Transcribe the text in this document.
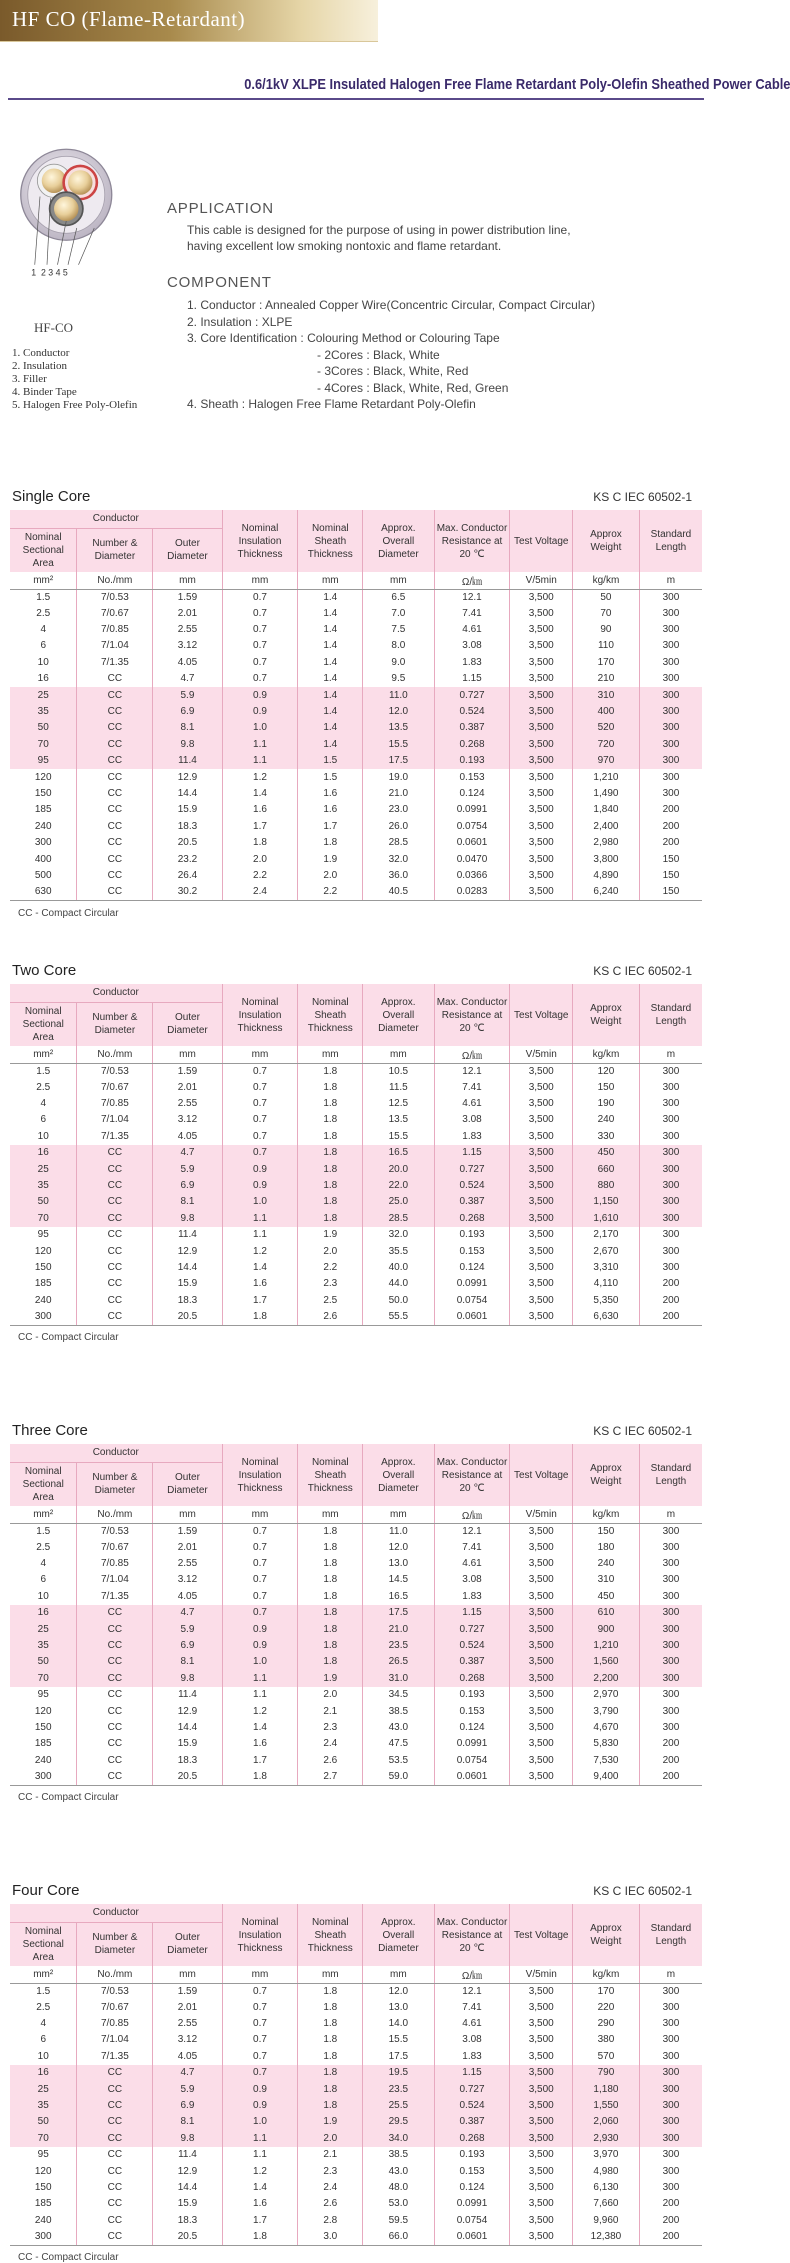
HF CO (Flame-Retardant)
0.6/1kV XLPE Insulated Halogen Free Flame Retardant Poly-Olefin Sheathed Power Cable
1  2 3 4 5
HF-CO
1. Conductor
2. Insulation
3. Filler
4. Binder Tape
5. Halogen Free Poly-Olefin
APPLICATION
This cable is designed for the purpose of using in power distribution line,
having excellent low smoking nontoxic and flame retardant.
COMPONENT
1. Conductor : Annealed Copper Wire(Concentric Circular, Compact Circular)
2. Insulation : XLPE
3. Core Identification : Colouring Method or Colouring Tape
- 2Cores : Black, White
- 3Cores : Black, White, Red
- 4Cores : Black, White, Red, Green
4. Sheath : Halogen Free Flame Retardant Poly-Olefin
Single Core	KS C IEC 60502-1
Conductor			Nominal Insulation Thickness	Nominal Sheath Thickness	Approx. Overall Diameter	Max. Conductor Resistance at 20 ℃	Test Voltage	Approx Weight	Standard Length
Nominal Sectional Area	Number & Diameter	Outer Diameter							
mm²	No./mm	mm	mm	mm	mm	Ω/㎞	V/5min	kg/km	m
1.5	7/0.53	1.59	0.7	1.4	6.5	12.1	3,500	50	300
2.5	7/0.67	2.01	0.7	1.4	7.0	7.41	3,500	70	300
4	7/0.85	2.55	0.7	1.4	7.5	4.61	3,500	90	300
6	7/1.04	3.12	0.7	1.4	8.0	3.08	3,500	110	300
10	7/1.35	4.05	0.7	1.4	9.0	1.83	3,500	170	300
16	CC	4.7	0.7	1.4	9.5	1.15	3,500	210	300
25	CC	5.9	0.9	1.4	11.0	0.727	3,500	310	300
35	CC	6.9	0.9	1.4	12.0	0.524	3,500	400	300
50	CC	8.1	1.0	1.4	13.5	0.387	3,500	520	300
70	CC	9.8	1.1	1.4	15.5	0.268	3,500	720	300
95	CC	11.4	1.1	1.5	17.5	0.193	3,500	970	300
120	CC	12.9	1.2	1.5	19.0	0.153	3,500	1,210	300
150	CC	14.4	1.4	1.6	21.0	0.124	3,500	1,490	300
185	CC	15.9	1.6	1.6	23.0	0.0991	3,500	1,840	200
240	CC	18.3	1.7	1.7	26.0	0.0754	3,500	2,400	200
300	CC	20.5	1.8	1.8	28.5	0.0601	3,500	2,980	200
400	CC	23.2	2.0	1.9	32.0	0.0470	3,500	3,800	150
500	CC	26.4	2.2	2.0	36.0	0.0366	3,500	4,890	150
630	CC	30.2	2.4	2.2	40.5	0.0283	3,500	6,240	150
CC - Compact Circular
Two Core	KS C IEC 60502-1
Conductor			Nominal Insulation Thickness	Nominal Sheath Thickness	Approx. Overall Diameter	Max. Conductor Resistance at 20 ℃	Test Voltage	Approx Weight	Standard Length
Nominal Sectional Area	Number & Diameter	Outer Diameter							
mm²	No./mm	mm	mm	mm	mm	Ω/㎞	V/5min	kg/km	m
1.5	7/0.53	1.59	0.7	1.8	10.5	12.1	3,500	120	300
2.5	7/0.67	2.01	0.7	1.8	11.5	7.41	3,500	150	300
4	7/0.85	2.55	0.7	1.8	12.5	4.61	3,500	190	300
6	7/1.04	3.12	0.7	1.8	13.5	3.08	3,500	240	300
10	7/1.35	4.05	0.7	1.8	15.5	1.83	3,500	330	300
16	CC	4.7	0.7	1.8	16.5	1.15	3,500	450	300
25	CC	5.9	0.9	1.8	20.0	0.727	3,500	660	300
35	CC	6.9	0.9	1.8	22.0	0.524	3,500	880	300
50	CC	8.1	1.0	1.8	25.0	0.387	3,500	1,150	300
70	CC	9.8	1.1	1.8	28.5	0.268	3,500	1,610	300
95	CC	11.4	1.1	1.9	32.0	0.193	3,500	2,170	300
120	CC	12.9	1.2	2.0	35.5	0.153	3,500	2,670	300
150	CC	14.4	1.4	2.2	40.0	0.124	3,500	3,310	300
185	CC	15.9	1.6	2.3	44.0	0.0991	3,500	4,110	200
240	CC	18.3	1.7	2.5	50.0	0.0754	3,500	5,350	200
300	CC	20.5	1.8	2.6	55.5	0.0601	3,500	6,630	200
CC - Compact Circular
Three Core	KS C IEC 60502-1
Conductor			Nominal Insulation Thickness	Nominal Sheath Thickness	Approx. Overall Diameter	Max. Conductor Resistance at 20 ℃	Test Voltage	Approx Weight	Standard Length
Nominal Sectional Area	Number & Diameter	Outer Diameter							
mm²	No./mm	mm	mm	mm	mm	Ω/㎞	V/5min	kg/km	m
1.5	7/0.53	1.59	0.7	1.8	11.0	12.1	3,500	150	300
2.5	7/0.67	2.01	0.7	1.8	12.0	7.41	3,500	180	300
4	7/0.85	2.55	0.7	1.8	13.0	4.61	3,500	240	300
6	7/1.04	3.12	0.7	1.8	14.5	3.08	3,500	310	300
10	7/1.35	4.05	0.7	1.8	16.5	1.83	3,500	450	300
16	CC	4.7	0.7	1.8	17.5	1.15	3,500	610	300
25	CC	5.9	0.9	1.8	21.0	0.727	3,500	900	300
35	CC	6.9	0.9	1.8	23.5	0.524	3,500	1,210	300
50	CC	8.1	1.0	1.8	26.5	0.387	3,500	1,560	300
70	CC	9.8	1.1	1.9	31.0	0.268	3,500	2,200	300
95	CC	11.4	1.1	2.0	34.5	0.193	3,500	2,970	300
120	CC	12.9	1.2	2.1	38.5	0.153	3,500	3,790	300
150	CC	14.4	1.4	2.3	43.0	0.124	3,500	4,670	300
185	CC	15.9	1.6	2.4	47.5	0.0991	3,500	5,830	200
240	CC	18.3	1.7	2.6	53.5	0.0754	3,500	7,530	200
300	CC	20.5	1.8	2.7	59.0	0.0601	3,500	9,400	200
CC - Compact Circular
Four Core	KS C IEC 60502-1
Conductor			Nominal Insulation Thickness	Nominal Sheath Thickness	Approx. Overall Diameter	Max. Conductor Resistance at 20 ℃	Test Voltage	Approx Weight	Standard Length
Nominal Sectional Area	Number & Diameter	Outer Diameter							
mm²	No./mm	mm	mm	mm	mm	Ω/㎞	V/5min	kg/km	m
1.5	7/0.53	1.59	0.7	1.8	12.0	12.1	3,500	170	300
2.5	7/0.67	2.01	0.7	1.8	13.0	7.41	3,500	220	300
4	7/0.85	2.55	0.7	1.8	14.0	4.61	3,500	290	300
6	7/1.04	3.12	0.7	1.8	15.5	3.08	3,500	380	300
10	7/1.35	4.05	0.7	1.8	17.5	1.83	3,500	570	300
16	CC	4.7	0.7	1.8	19.5	1.15	3,500	790	300
25	CC	5.9	0.9	1.8	23.5	0.727	3,500	1,180	300
35	CC	6.9	0.9	1.8	25.5	0.524	3,500	1,550	300
50	CC	8.1	1.0	1.9	29.5	0.387	3,500	2,060	300
70	CC	9.8	1.1	2.0	34.0	0.268	3,500	2,930	300
95	CC	11.4	1.1	2.1	38.5	0.193	3,500	3,970	300
120	CC	12.9	1.2	2.3	43.0	0.153	3,500	4,980	300
150	CC	14.4	1.4	2.4	48.0	0.124	3,500	6,130	300
185	CC	15.9	1.6	2.6	53.0	0.0991	3,500	7,660	200
240	CC	18.3	1.7	2.8	59.5	0.0754	3,500	9,960	200
300	CC	20.5	1.8	3.0	66.0	0.0601	3,500	12,380	200
CC - Compact Circular
